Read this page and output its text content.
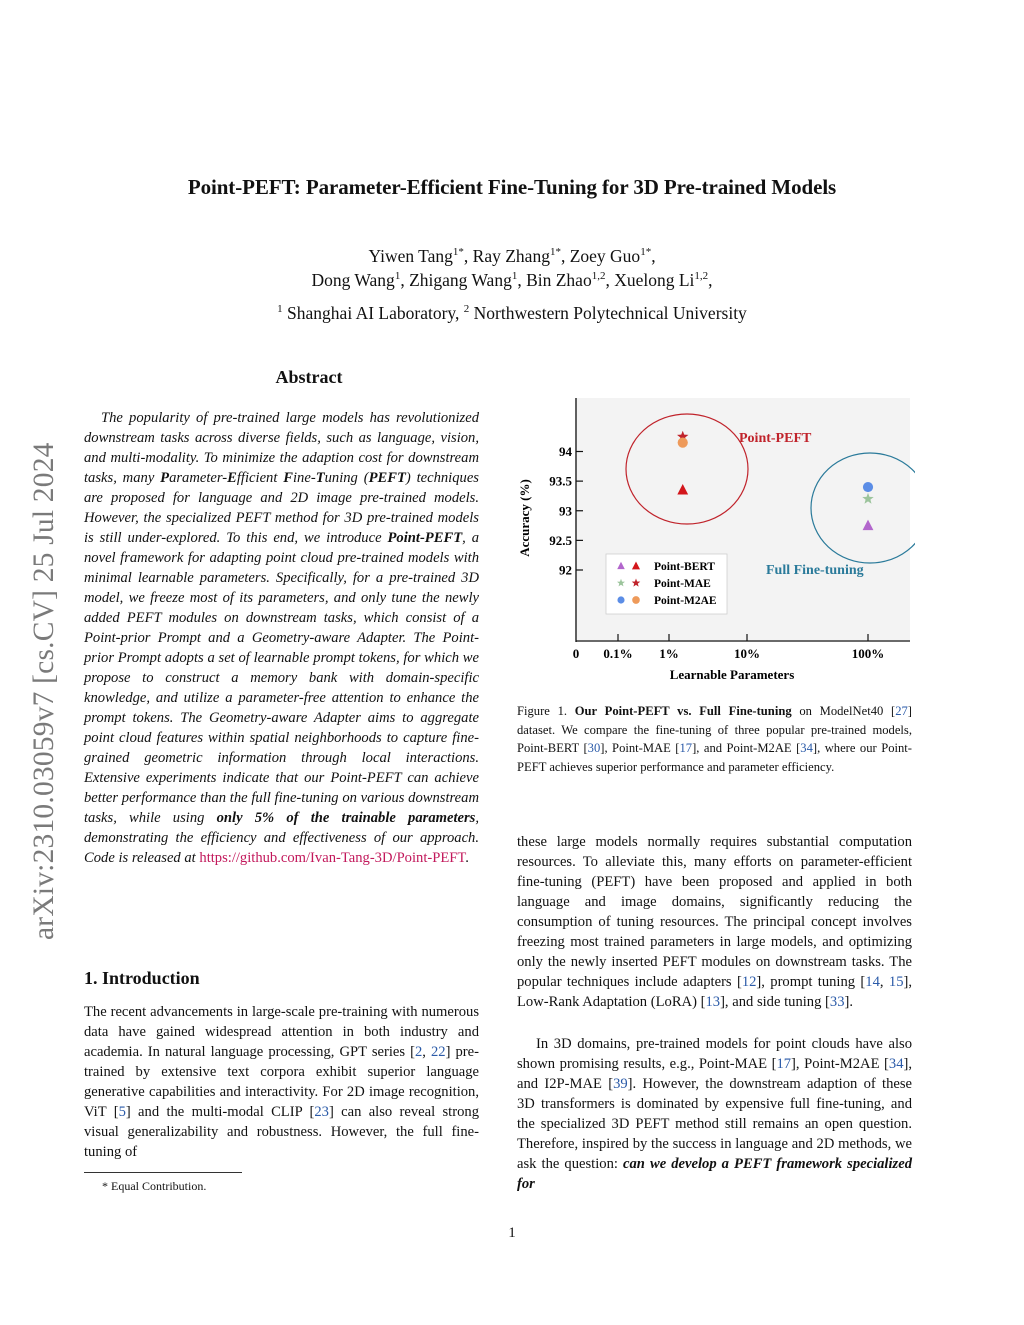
arXiv:2310.03059v7 [cs.CV] 25 Jul 2024
Point-PEFT: Parameter-Efficient Fine-Tuning for 3D Pre-trained Models
Yiwen Tang$^{1*}$, Ray Zhang$^{1*}$, Zoey Guo$^{1*}$,
Dong Wang$^1$, Zhigang Wang$^1$, Bin Zhao$^{1,2}$, Xuelong Li$^{1,2}$,
$^1$ Shanghai AI Laboratory, $^2$ Northwestern Polytechnical University
Abstract
The popularity of pre-trained large models has revolutionized downstream tasks across diverse fields, such as language, vision, and multi-modality. To minimize the adaption cost for downstream tasks, many Parameter-Efficient Fine-Tuning (PEFT) techniques are proposed for language and 2D image pre-trained models. However, the specialized PEFT method for 3D pre-trained models is still under-explored. To this end, we introduce Point-PEFT, a novel framework for adapting point cloud pre-trained models with minimal learnable parameters. Specifically, for a pre-trained 3D model, we freeze most of its parameters, and only tune the newly added PEFT modules on downstream tasks, which consist of a Point-prior Prompt and a Geometry-aware Adapter. The Point-prior Prompt adopts a set of learnable prompt tokens, for which we propose to construct a memory bank with domain-specific knowledge, and utilize a parameter-free attention to enhance the prompt tokens. The Geometry-aware Adapter aims to aggregate point cloud features within spatial neighborhoods to capture fine-grained geometric information through local interactions. Extensive experiments indicate that our Point-PEFT can achieve better performance than the full fine-tuning on various downstream tasks, while using only 5% of the trainable parameters, demonstrating the efficiency and effectiveness of our approach. Code is released at https://github.com/Ivan-Tang-3D/Point-PEFT.
1. Introduction
The recent advancements in large-scale pre-training with numerous data have gained widespread attention in both industry and academia. In natural language processing, GPT series [2, 22] pre-trained by extensive text corpora exhibit superior language generative capabilities and interactivity. For 2D image recognition, ViT [5] and the multi-modal CLIP [23] can also reveal strong visual generalizability and robustness. However, the full fine-tuning of
* Equal Contribution.
92
92.5
93
93.5
94
0 0.1% 1%	10%	100%
Accuracy (%)
Learnable Parameters
Point-PEFT
Full Fine-tuning
Point-BERT
Point-MAE
Point-M2AE
Figure 1. Our Point-PEFT vs. Full Fine-tuning on ModelNet40 [27] dataset. We compare the fine-tuning of three popular pre-trained models, Point-BERT [30], Point-MAE [17], and Point-M2AE [34], where our Point-PEFT achieves superior performance and parameter efficiency.
these large models normally requires substantial computation resources. To alleviate this, many efforts on parameter-efficient fine-tuning (PEFT) have been proposed and applied in both language and image domains, significantly reducing the consumption of tuning resources. The principal concept involves freezing most trained parameters in large models, and optimizing only the newly inserted PEFT modules on downstream tasks. The popular techniques include adapters [12], prompt tuning [14, 15], Low-Rank Adaptation (LoRA) [13], and side tuning [33].
In 3D domains, pre-trained models for point clouds have also shown promising results, e.g., Point-MAE [17], Point-M2AE [34], and I2P-MAE [39]. However, the downstream adaption of these 3D transformers is dominated by expensive full fine-tuning, and the specialized 3D PEFT method still remains an open question. Therefore, inspired by the success in language and 2D methods, we ask the question: can we develop a PEFT framework specialized for
1
